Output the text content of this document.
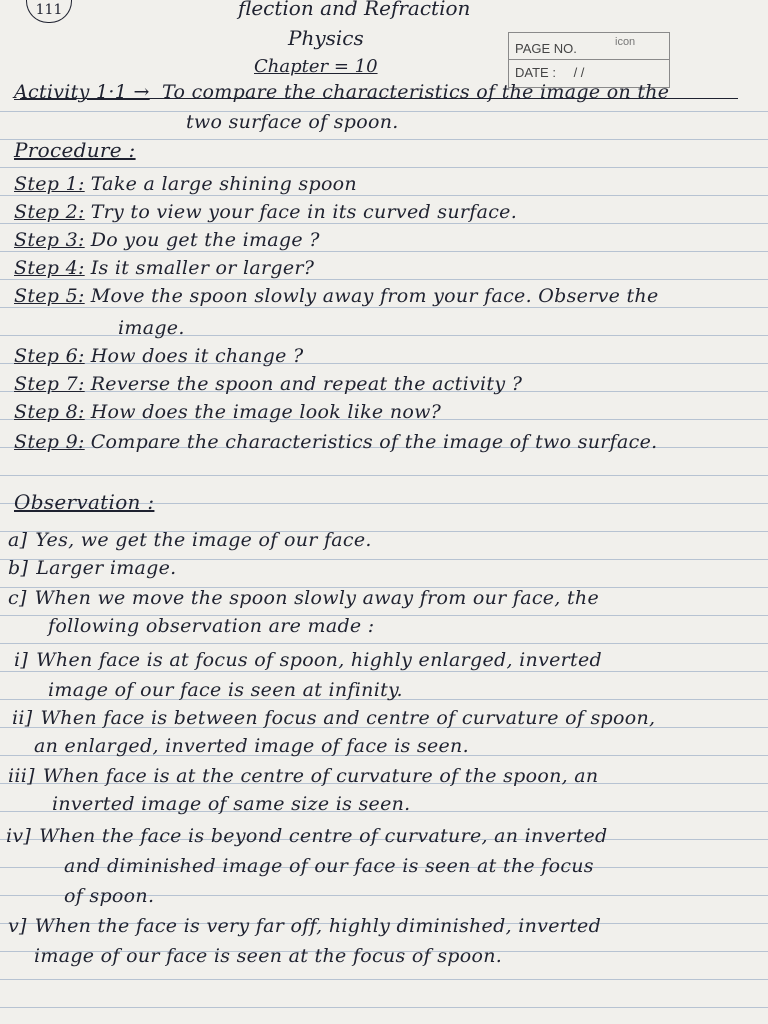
111	flection and Refraction
Physics
Chapter = 10
PAGE NO.
DATE : / /
icon
Activity 1·1 → To compare the characteristics of the image on the
two surface of spoon.
Procedure :
Step 1: Take a large shining spoon
Step 2: Try to view your face in its curved surface.
Step 3: Do you get the image ?
Step 4: Is it smaller or larger?
Step 5: Move the spoon slowly away from your face. Observe the
image.
Step 6: How does it change ?
Step 7: Reverse the spoon and repeat the activity ?
Step 8: How does the image look like now?
Step 9: Compare the characteristics of the image of two surface.
Observation :
a] Yes, we get the image of our face.
b] Larger image.
c] When we move the spoon slowly away from our face, the
following observation are made :
i] When face is at focus of spoon, highly enlarged, inverted
image of our face is seen at infinity.
ii] When face is between focus and centre of curvature of spoon,
an enlarged, inverted image of face is seen.
iii] When face is at the centre of curvature of the spoon, an
inverted image of same size is seen.
iv] When the face is beyond centre of curvature, an inverted
and diminished image of our face is seen at the focus
of spoon.
v] When the face is very far off, highly diminished, inverted
image of our face is seen at the focus of spoon.
